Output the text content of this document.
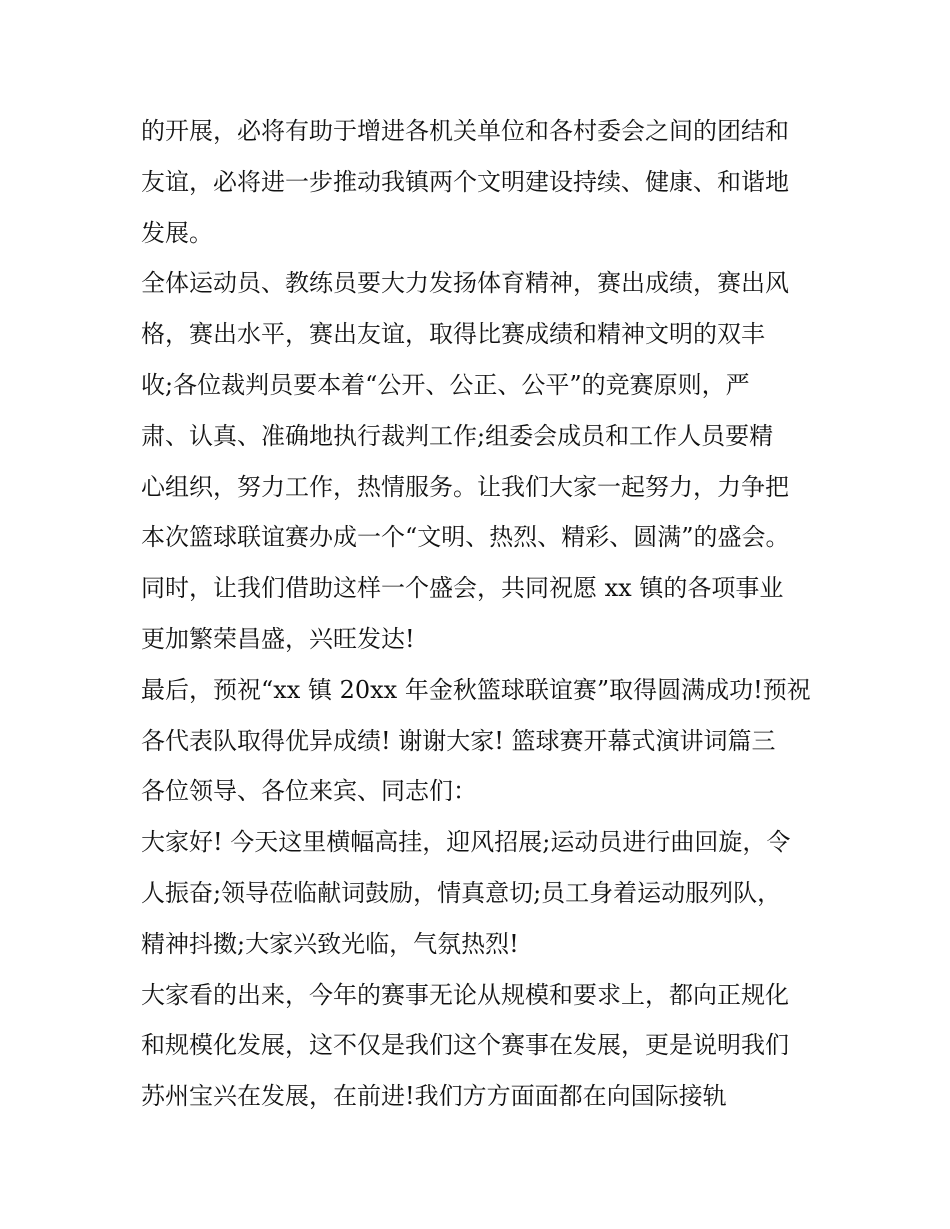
的开展，必将有助于增进各机关单位和各村委会之间的团结和
友谊，必将进一步推动我镇两个文明建设持续、健康、和谐地
发展。
全体运动员、教练员要大力发扬体育精神，赛出成绩，赛出风
格，赛出水平，赛出友谊，取得比赛成绩和精神文明的双丰
收;各位裁判员要本着“公开、公正、公平”的竞赛原则，严
肃、认真、准确地执行裁判工作;组委会成员和工作人员要精
心组织，努力工作，热情服务。让我们大家一起努力，力争把
本次篮球联谊赛办成一个“文明、热烈、精彩、圆满”的盛会。
同时，让我们借助这样一个盛会，共同祝愿 xx 镇的各项事业
更加繁荣昌盛，兴旺发达!
最后，预祝“xx 镇 20xx 年金秋篮球联谊赛”取得圆满成功!预祝
各代表队取得优异成绩! 谢谢大家! 篮球赛开幕式演讲词篇三
各位领导、各位来宾、同志们：
大家好! 今天这里横幅高挂，迎风招展;运动员进行曲回旋，令
人振奋;领导莅临献词鼓励，情真意切;员工身着运动服列队，
精神抖擞;大家兴致光临，气氛热烈!
大家看的出来，今年的赛事无论从规模和要求上，都向正规化
和规模化发展，这不仅是我们这个赛事在发展，更是说明我们
苏州宝兴在发展，在前进!我们方方面面都在向国际接轨
